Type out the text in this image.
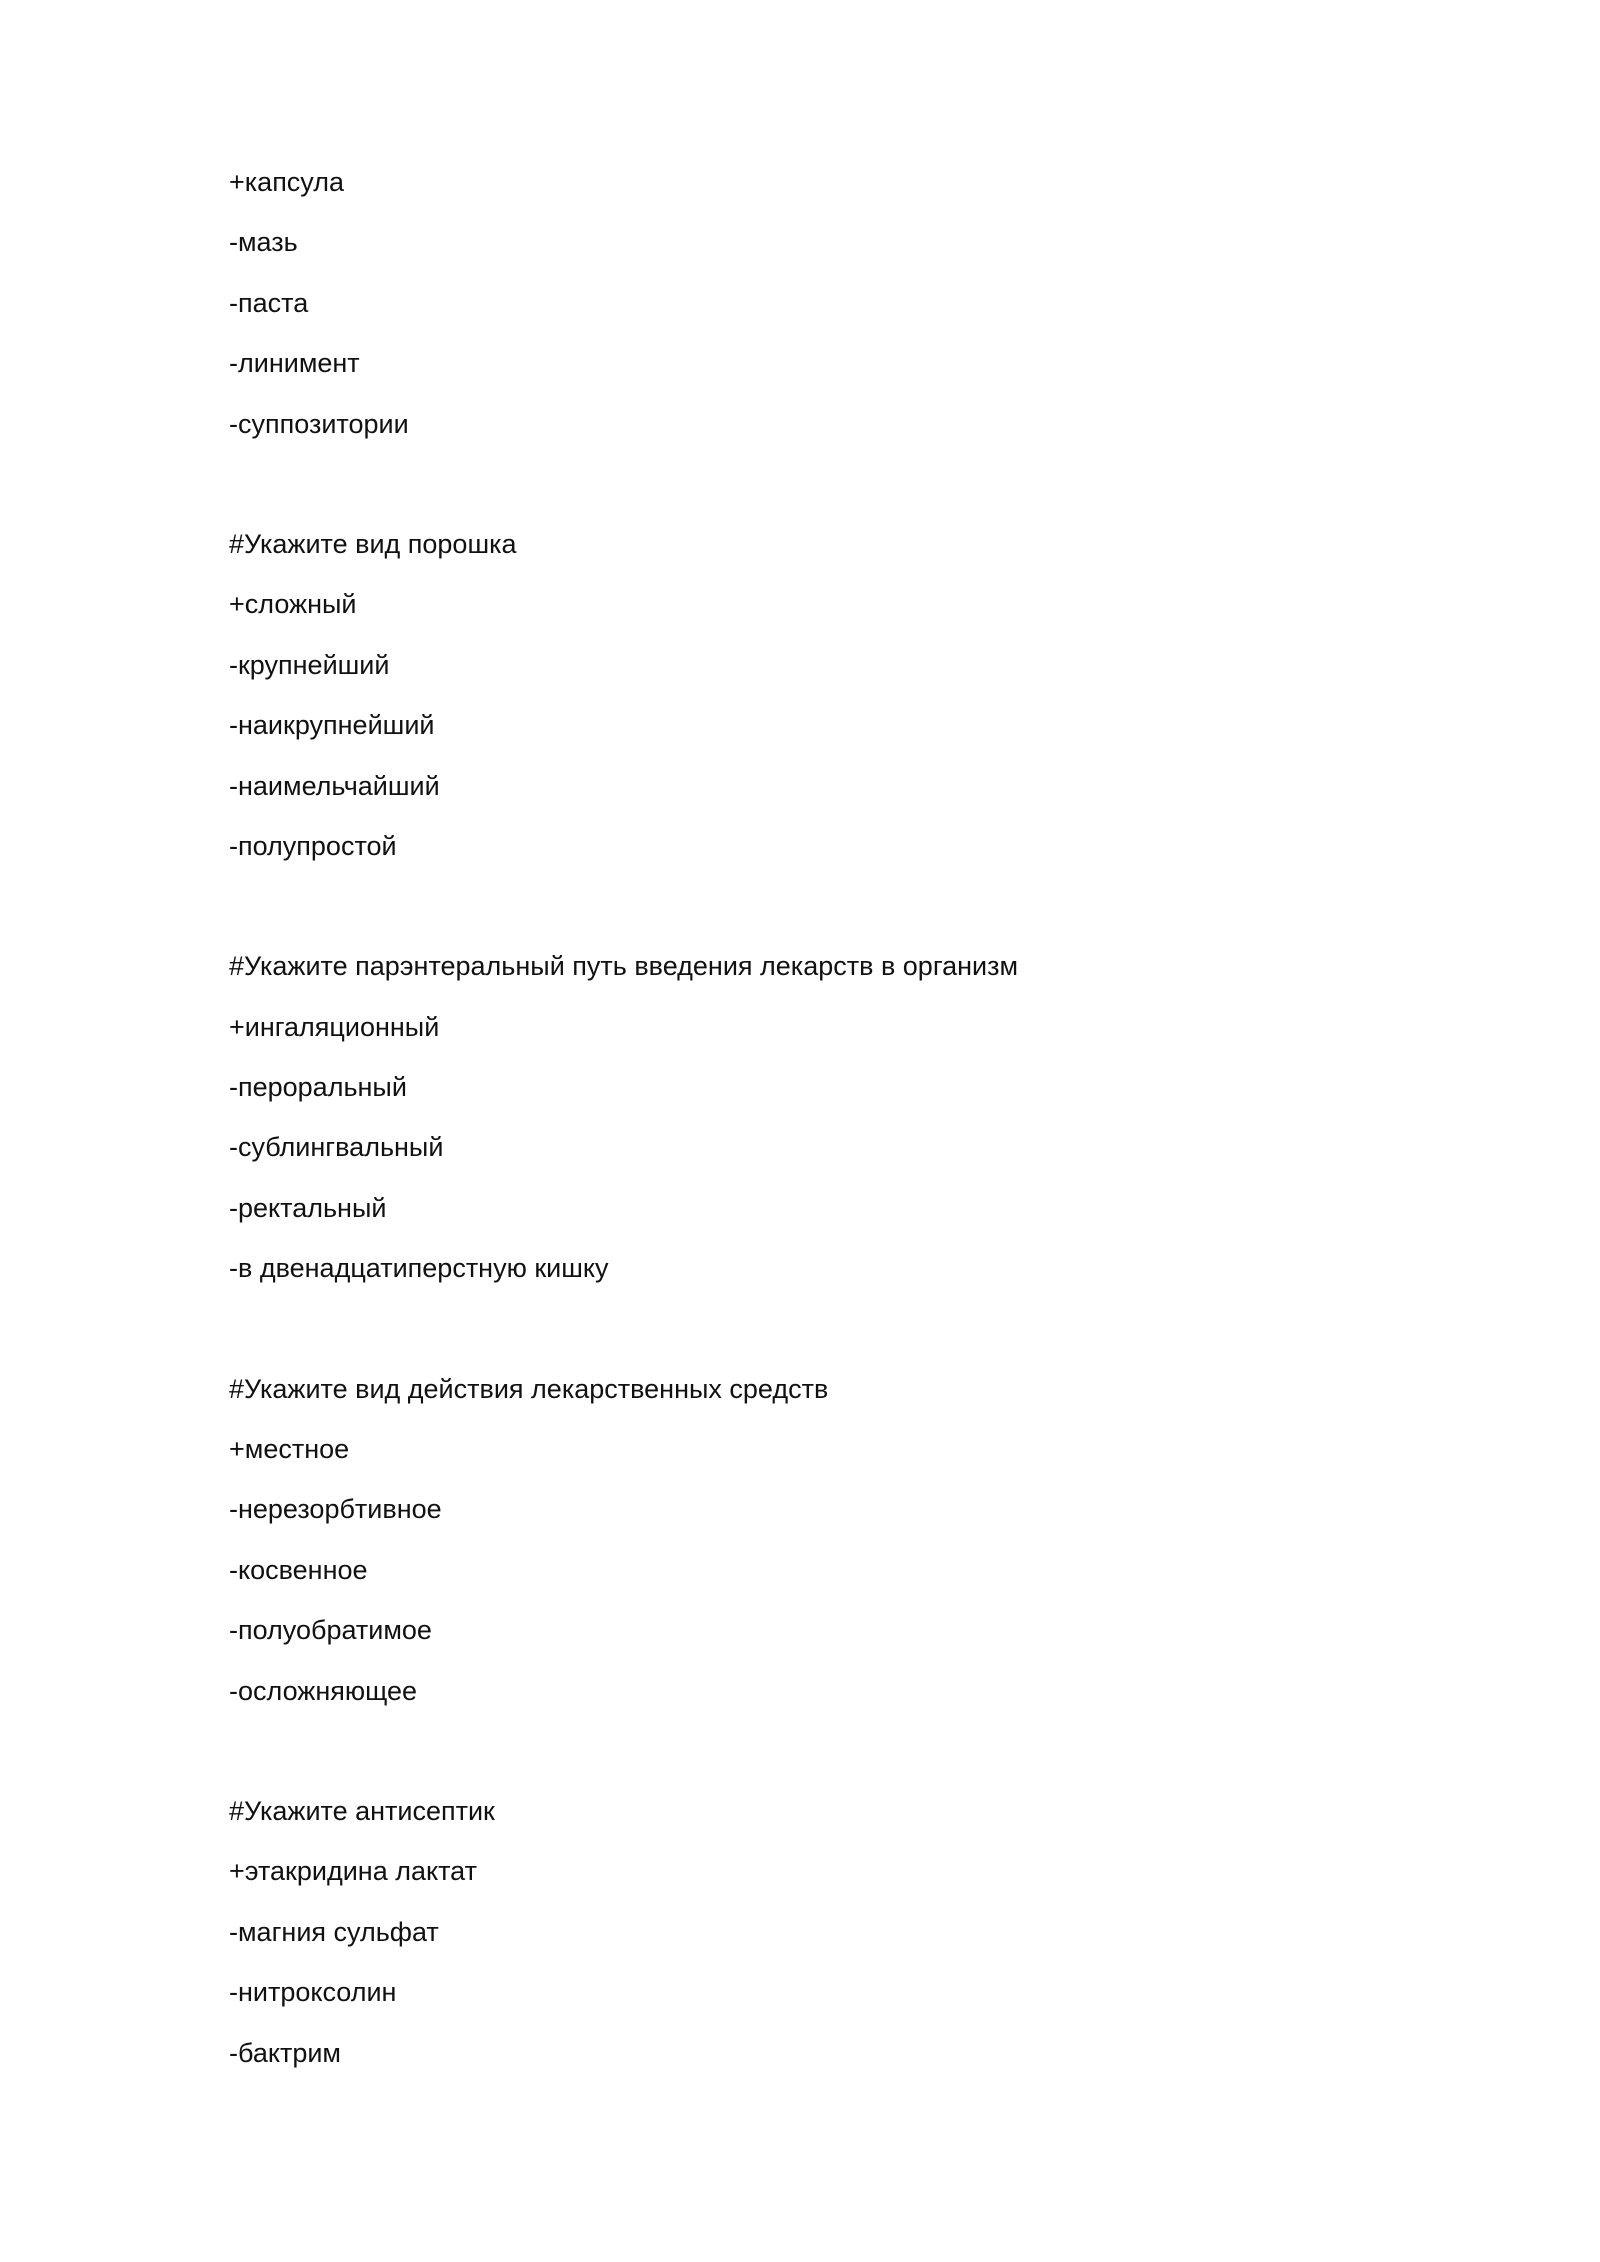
+капсула
-мазь
-паста
-линимент
-суппозитории
#Укажите вид порошка
+сложный
-крупнейший
-наикрупнейший
-наимельчайший
-полупростой
#Укажите парэнтеральный путь введения лекарств в организм
+ингаляционный
-пероральный
-сублингвальный
-ректальный
-в двенадцатиперстную кишку
#Укажите вид действия лекарственных средств
+местное
-нерезорбтивное
-косвенное
-полуобратимое
-осложняющее
#Укажите антисептик
+этакридина лактат
-магния сульфат
-нитроксолин
-бактрим
